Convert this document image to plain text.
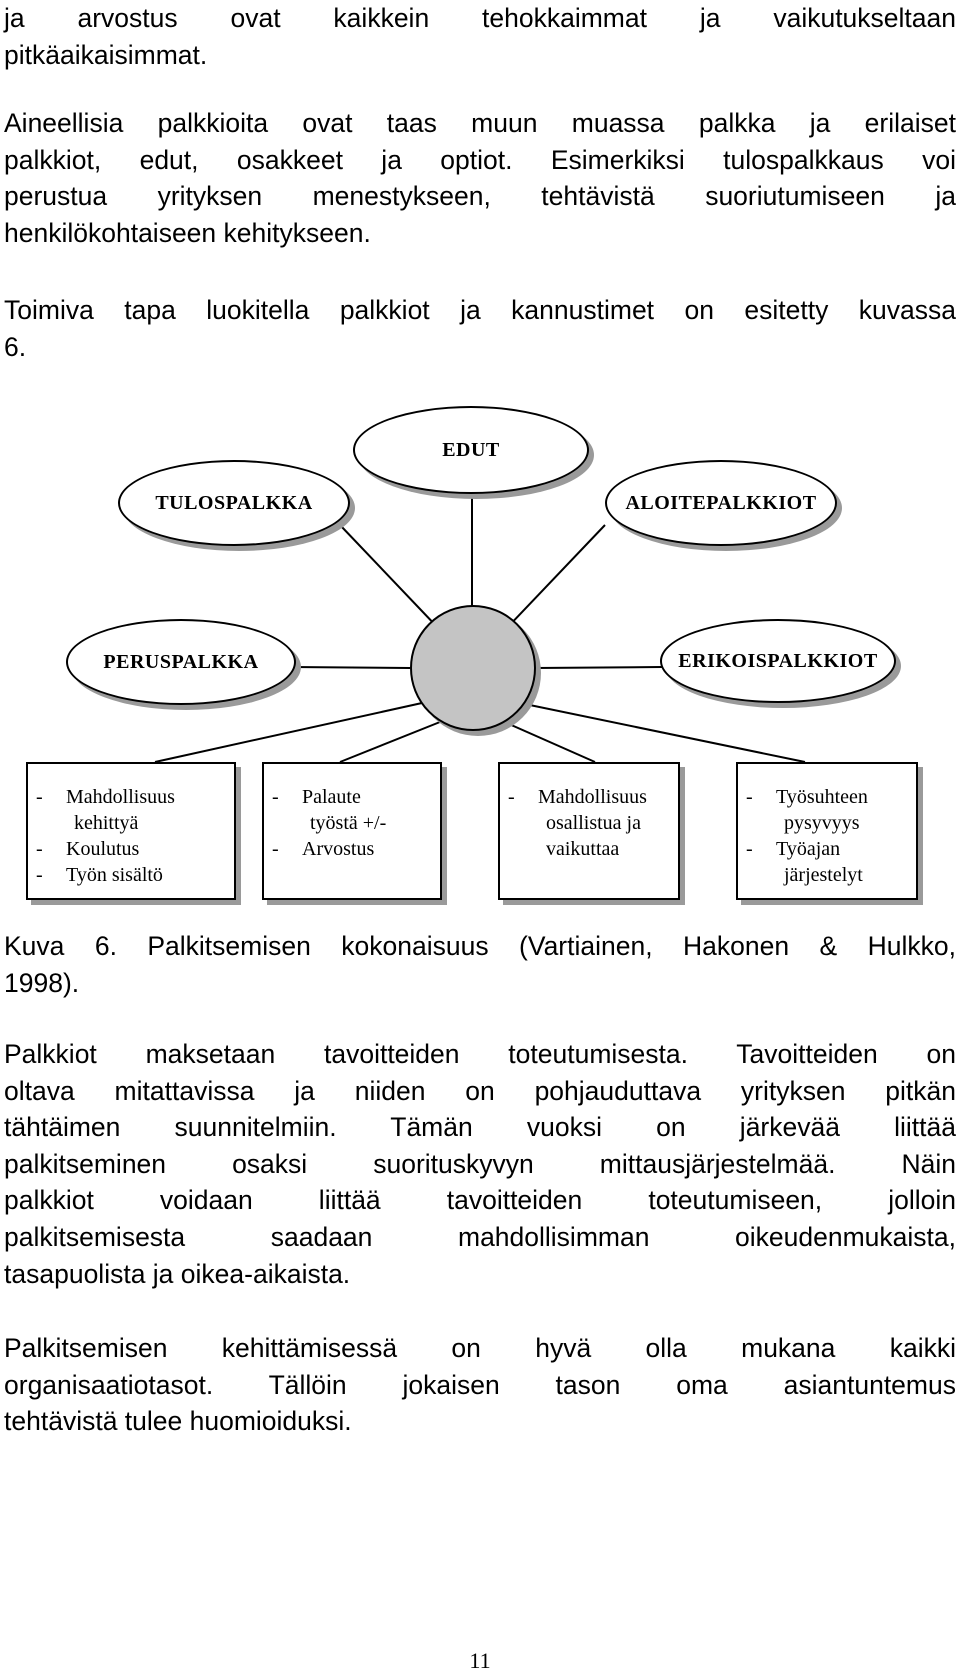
ja arvostus ovat kaikkein tehokkaimmat ja vaikutukseltaan
pitkäaikaisimmat.

Aineellisia palkkioita ovat taas muun muassa palkka ja erilaiset
palkkiot, edut, osakkeet ja optiot. Esimerkiksi tulospalkkaus voi
perustua yrityksen menestykseen, tehtävistä suoriutumiseen ja
henkilökohtaiseen kehitykseen.

Toimiva tapa luokitella palkkiot ja kannustimet on esitetty kuvassa
6.

EDUT
TULOSPALKKA	ALOITEPALKKIOT
PERUSPALKKA	ERIKOISPALKKIOT
-	Mahdollisuus
kehittyä
-	Koulutus
-	Työn sisältö
-	Palaute
työstä +/-
-	Arvostus
-	Mahdollisuus
osallistua ja
vaikuttaa
-	Työsuhteen
pysyvyys
-	Työajan
järjestelyt

Kuva 6. Palkitsemisen kokonaisuus (Vartiainen, Hakonen & Hulkko,
1998).

Palkkiot maksetaan tavoitteiden toteutumisesta. Tavoitteiden on
oltava mitattavissa ja niiden on pohjauduttava yrityksen pitkän
tähtäimen suunnitelmiin. Tämän vuoksi on järkevää liittää
palkitseminen osaksi suorituskyvyn mittausjärjestelmää. Näin
palkkiot voidaan liittää tavoitteiden toteutumiseen, jolloin
palkitsemisesta saadaan mahdollisimman oikeudenmukaista,
tasapuolista ja oikea-aikaista.

Palkitsemisen kehittämisessä on hyvä olla mukana kaikki
organisaatiotasot. Tällöin jokaisen tason oma asiantuntemus
tehtävistä tulee huomioiduksi.

11
